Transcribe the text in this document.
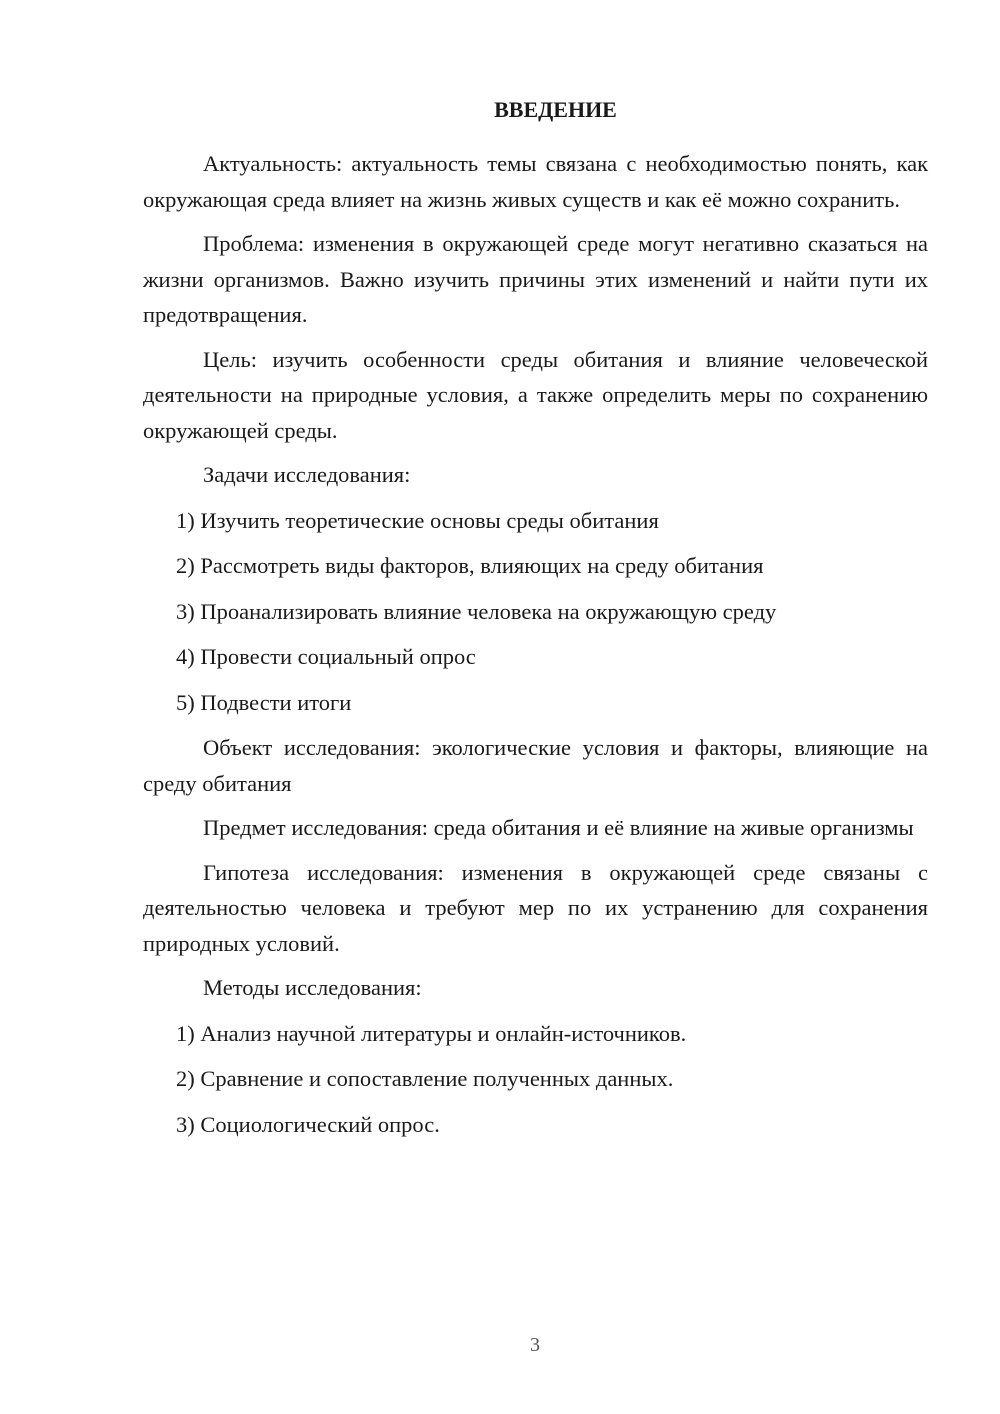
ВВЕДЕНИЕ

Актуальность: актуальность темы связана с необходимостью понять, как окружающая среда влияет на жизнь живых существ и как её можно сохранить.

Проблема: изменения в окружающей среде могут негативно сказаться на жизни организмов. Важно изучить причины этих изменений и найти пути их предотвращения.

Цель: изучить особенности среды обитания и влияние человеческой деятельности на природные условия, а также определить меры по сохранению окружающей среды.

Задачи исследования:
1) Изучить теоретические основы среды обитания
2) Рассмотреть виды факторов, влияющих на среду обитания
3) Проанализировать влияние человека на окружающую среду
4) Провести социальный опрос
5) Подвести итоги

Объект исследования: экологические условия и факторы, влияющие на среду обитания

Предмет исследования: среда обитания и её влияние на живые организмы

Гипотеза исследования: изменения в окружающей среде связаны с деятельностью человека и требуют мер по их устранению для сохранения природных условий.

Методы исследования:
1) Анализ научной литературы и онлайн-источников.
2) Сравнение и сопоставление полученных данных.
3) Социологический опрос.
3
